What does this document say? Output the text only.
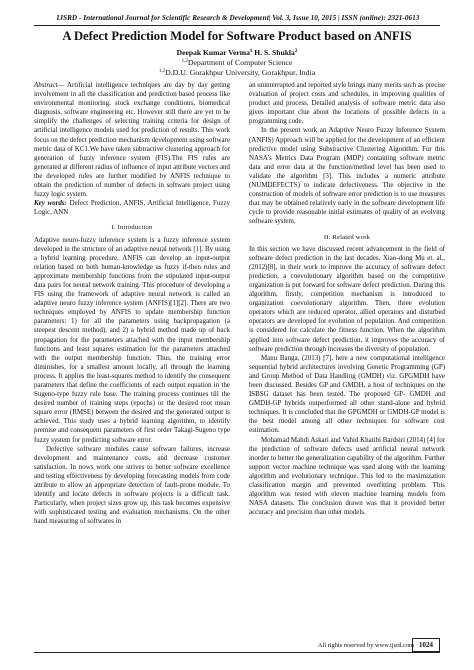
IJSRD - International Journal for Scientific Research & Development| Vol. 3, Issue 10, 2015 | ISSN (online): 2321-0613
A Defect Prediction Model for Software Product based on ANFIS
Deepak Kumar Verma$^1$ H. S. Shukla$^2$
$^{1,2}$Department of Computer Science
$^{1,2}$D.D.U. Gorakhpur University, Gorakhpur, India

Abstract— Artificial intelligence techniques are day by day getting involvement in all the classification and prediction based process like environmental monitoring, stock exchange conditions, biomedical diagnosis, software engineering etc. However still there are yet to be simplify the challenges of selecting training criteria for design of artificial intelligence models used for prediction of results. This work focus on the defect prediction mechanism development using software metric data of KC1.We have taken subtractive clustering approach for generation of fuzzy inference system (FIS).The FIS rules are generated at different radius of influence of input attribute vectors and the developed rules are further modified by ANFIS technique to obtain the prediction of number of defects in software project using fuzzy logic system.

Key words: Defect Prediction, ANFIS, Artificial Intelligence, Fuzzy Logic, ANN

I. Introduction

Adaptive neuro-fuzzy inference system is a fuzzy inference system developed in the structure of an adaptive neural network [1]. By using a hybrid learning procedure, ANFIS can develop an input-output relation based on both human-knowledge as fuzzy if-then rules and approximate membership functions from the stipulated input-output data pairs for neural network training. This procedure of developing a FIS using the framework of adaptive neural network is called an adaptive neuro fuzzy inference system (ANFIS)[1][2]. There are two techniques employed by ANFIS to update membership function parameters: 1) for all the parameters using backpropagation (a steepest descent method), and 2) a hybrid method made up of back propagation for the parameters attached with the input membership functions and least squares estimation for the parameters attached with the output membership function. Thus, the training error diminishes, for a smallest amount locally, all through the learning process. It applies the least-squares method to identify the consequent parameters that define the coefficients of each output equation in the Sugeno-type fuzzy rule base. The training process continues till the desired number of training steps (epochs) or the desired root mean square error (RMSE) between the desired and the generated output is achieved. This study uses a hybrid learning algorithm, to identify premise and consequent parameters of first order Takagi-Sugeno type fuzzy system for predicting software error.

Defective software modules cause software failures, increase development and maintenance costs, and decrease customer satisfaction. In nows work one strives to better software excellence and testing effectiveness by developing forecasting models from code attribute to allow an appropriate detection of fault-prone module. To identify and locate defects in software projects is a difficult task. Particularly, when project sizes grow up, this task becomes expensive with sophisticated testing and evaluation mechanisms. On the other hand measuring of softwares in

an uninterrupted and reported style brings many merits such as precise evaluation of project costs and schedules, in improving qualities of product and process. Detailed analysis of software metric data also gives important clue about the locations of possible defects in a programming code.

In the present work an Adaptive Neuro Fuzzy Inference System (ANFIS) Approach will be applied for the development of an efficient predictive model using Substractive Clustering Algorithm. For this NASA’s Metrics Data Program (MDP) containing software metric data and error data at the function/method level has been used to validate the algorithm [3]. This includes a numeric attribute (NUMDEFECTS) to indicate defectiveness. The objective in the construction of models of software error prediction is to use measures that may be obtained relatively early in the software development life cycle to provide reasonable initial estimates of quality of an evolving software system.

II. Related work

In this section we have discussed recent advancement in the field of software defect prediction in the last decades. Xiao-dong Mu et. al.,(2012)[8], in their work to improve the accuracy of software defect prediction, a coevolutionary algorithm based on the competitive organization is put forward for software defect prediction. During this algorithm, firstly, competition mechanism is introduced to organization coevolutionary algorithm. Then, three evolution operators which are reduced operator, allied operators and disturbed operators are developed for evolution of population. And competition is considered for calculate the fitness function. When the algorithm applied into software defect prediction, it improves the accuracy of software prediction through increases the diversity of population.

Manu Banga, (2013) [7], here a new computational intelligence sequential hybrid architectures involving Genetic Programming (GP) and Group Method of Data Handling (GMDH) viz. GPGMDH have been discussed. Besides GP and GMDH, a host of techniques on the ISBSG dataset has been tested. The proposed GP- GMDH and GMDH-GP hybrids outperformed all other stand-alone and hybrid techniques. It is concluded that the GPGMDH or GMDH-GP model is the best model among all other techniques for software cost estimation.

Mohamad Mahdi Askari and Vahid Khatibi Bardsiri (2014) [4] for the prediction of software defects used artificial neural network inorder to better the generalization capability of the algorithm. Further support vector machine technique was used along with the learning algorithm and evolutionary technique. This led to the maximization classification margin and prevented overfitting problem. This algorithm was tested with eleven machine learning models from NASA datasets. The conclusion drawn was that it provided better accuracy and precision than other models.

All rights reserved by www.ijsrd.com 1024
